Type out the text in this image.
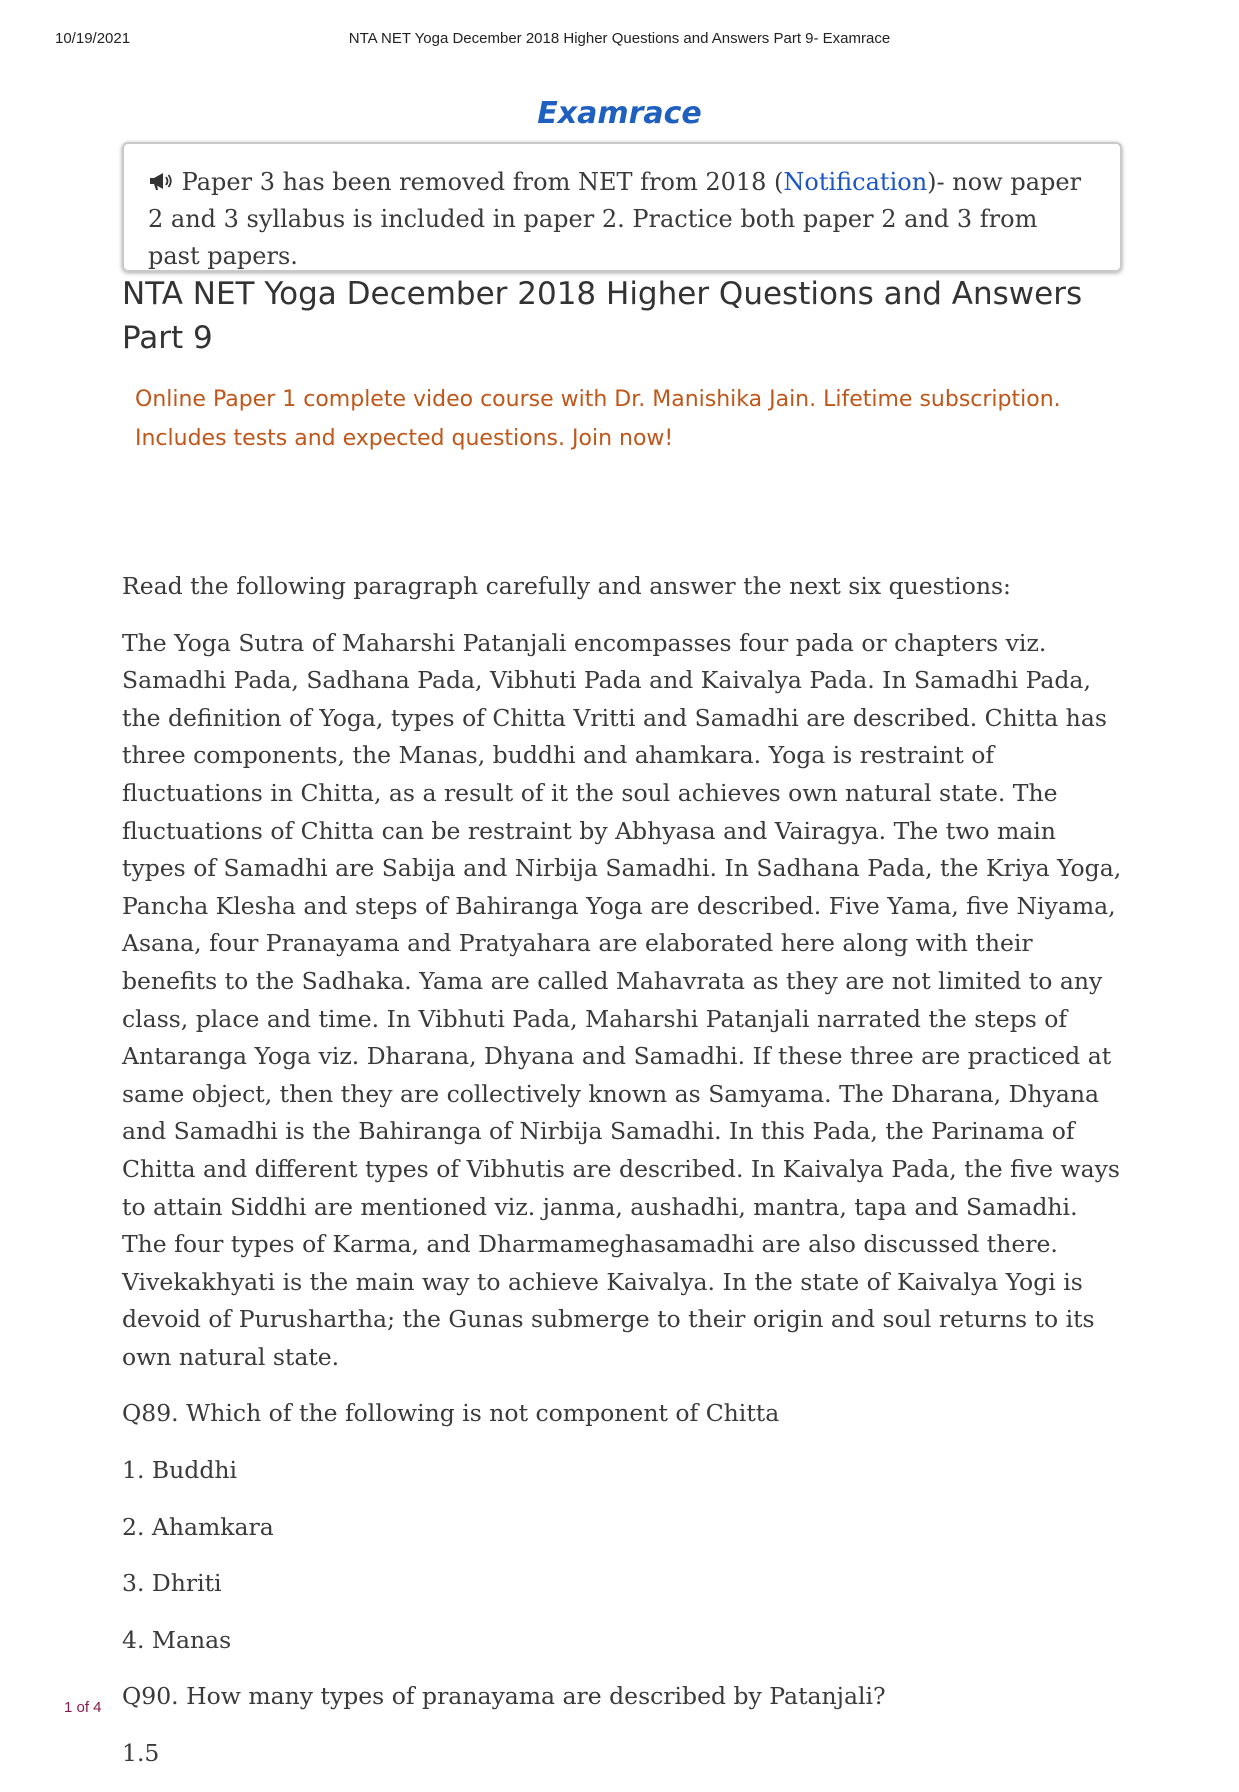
10/19/2021	NTA NET Yoga December 2018 Higher Questions and Answers Part 9- Examrace
Examrace
Paper 3 has been removed from NET from 2018 (Notification)- now paper 2 and 3 syllabus is included in paper 2. Practice both paper 2 and 3 from past papers.
NTA NET Yoga December 2018 Higher Questions and Answers Part 9
Online Paper 1 complete video course with Dr. Manishika Jain. Lifetime subscription. Includes tests and expected questions. Join now!

Read the following paragraph carefully and answer the next six questions:

The Yoga Sutra of Maharshi Patanjali encompasses four pada or chapters viz. Samadhi Pada, Sadhana Pada, Vibhuti Pada and Kaivalya Pada. In Samadhi Pada, the definition of Yoga, types of Chitta Vritti and Samadhi are described. Chitta has three components, the Manas, buddhi and ahamkara. Yoga is restraint of fluctuations in Chitta, as a result of it the soul achieves own natural state. The fluctuations of Chitta can be restraint by Abhyasa and Vairagya. The two main types of Samadhi are Sabija and Nirbija Samadhi. In Sadhana Pada, the Kriya Yoga, Pancha Klesha and steps of Bahiranga Yoga are described. Five Yama, five Niyama, Asana, four Pranayama and Pratyahara are elaborated here along with their benefits to the Sadhaka. Yama are called Mahavrata as they are not limited to any class, place and time. In Vibhuti Pada, Maharshi Patanjali narrated the steps of Antaranga Yoga viz. Dharana, Dhyana and Samadhi. If these three are practiced at same object, then they are collectively known as Samyama. The Dharana, Dhyana and Samadhi is the Bahiranga of Nirbija Samadhi. In this Pada, the Parinama of Chitta and different types of Vibhutis are described. In Kaivalya Pada, the five ways to attain Siddhi are mentioned viz. janma, aushadhi, mantra, tapa and Samadhi. The four types of Karma, and Dharmameghasamadhi are also discussed there. Vivekakhyati is the main way to achieve Kaivalya. In the state of Kaivalya Yogi is devoid of Purushartha; the Gunas submerge to their origin and soul returns to its own natural state.

Q89. Which of the following is not component of Chitta

1. Buddhi

2. Ahamkara

3. Dhriti

4. Manas

Q90. How many types of pranayama are described by Patanjali?

1.5

1 of 4
